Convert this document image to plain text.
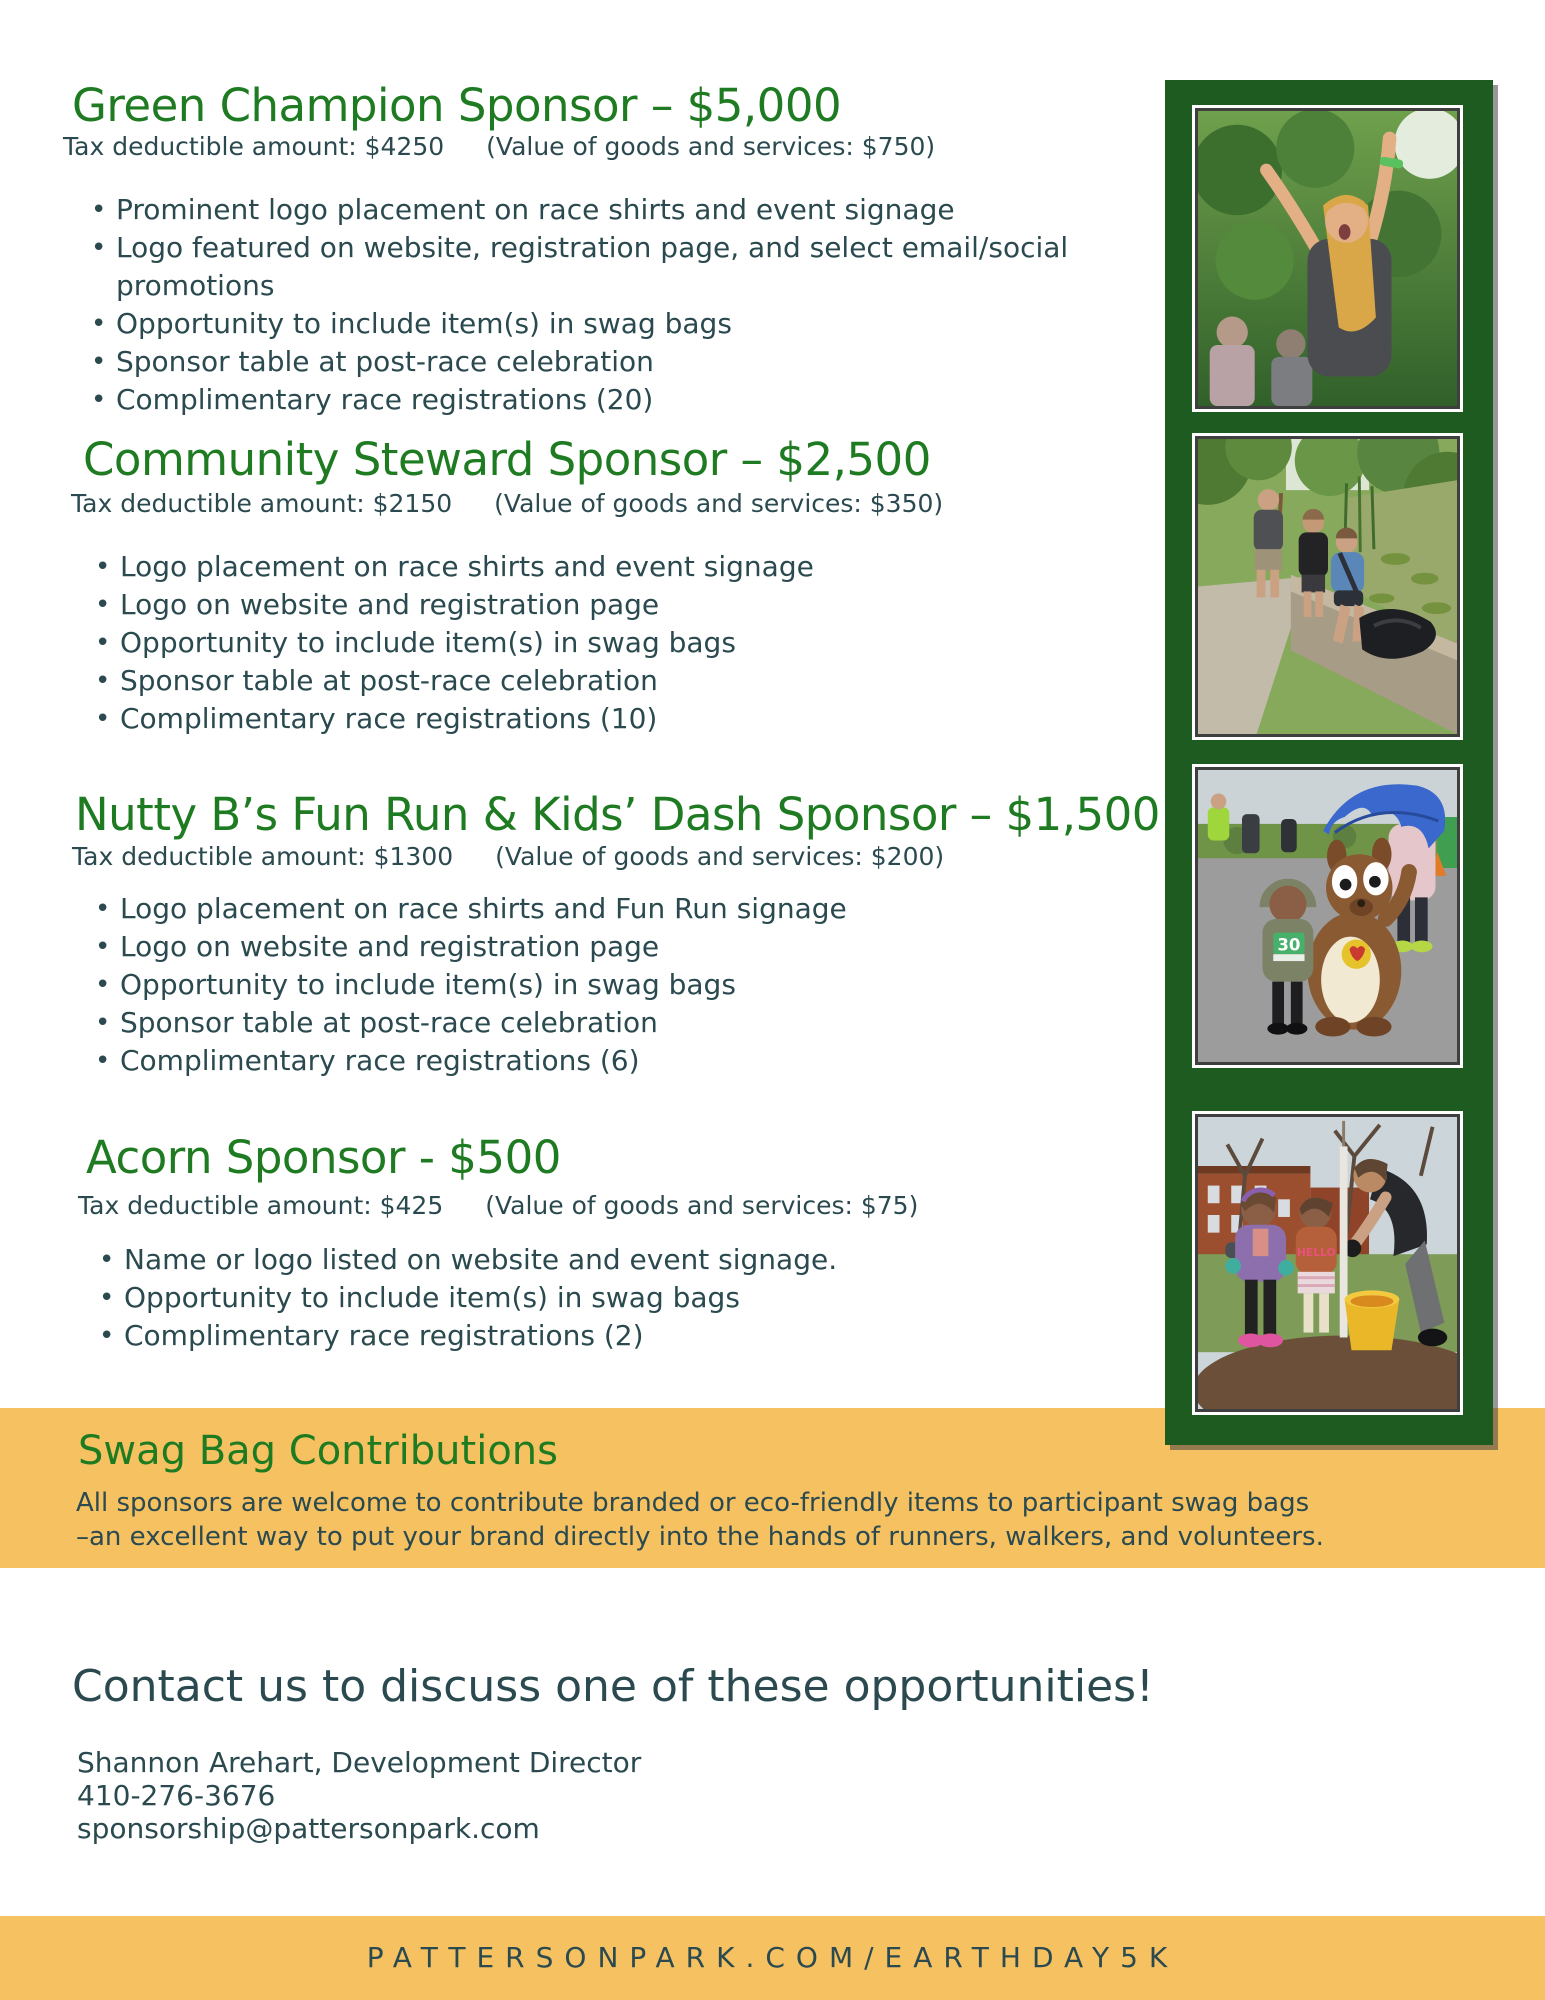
Green Champion Sponsor – $5,000

Tax deductible amount: $4250 (Value of goods and services: $750)

• Prominent logo placement on race shirts and event signage
• Logo featured on website, registration page, and select email/social promotions
• Opportunity to include item(s) in swag bags
• Sponsor table at post-race celebration
• Complimentary race registrations (20)
Community Steward Sponsor – $2,500

Tax deductible amount: $2150 (Value of goods and services: $350)

• Logo placement on race shirts and event signage
• Logo on website and registration page
• Opportunity to include item(s) in swag bags
• Sponsor table at post-race celebration
• Complimentary race registrations (10)
Nutty B’s Fun Run & Kids’ Dash Sponsor – $1,500

Tax deductible amount: $1300 (Value of goods and services: $200)

• Logo placement on race shirts and Fun Run signage
• Logo on website and registration page
• Opportunity to include item(s) in swag bags
• Sponsor table at post-race celebration
• Complimentary race registrations (6)
Acorn Sponsor - $500

Tax deductible amount: $425 (Value of goods and services: $75)

• Name or logo listed on website and event signage.
• Opportunity to include item(s) in swag bags
• Complimentary race registrations (2)
Swag Bag Contributions
All sponsors are welcome to contribute branded or eco-friendly items to participant swag bags
–an excellent way to put your brand directly into the hands of runners, walkers, and volunteers.
Contact us to discuss one of these opportunities!
Shannon Arehart, Development Director
410-276-3676
sponsorship@pattersonpark.com
PATTERSONPARK.COM/EARTHDAY5K
30
HELLO
